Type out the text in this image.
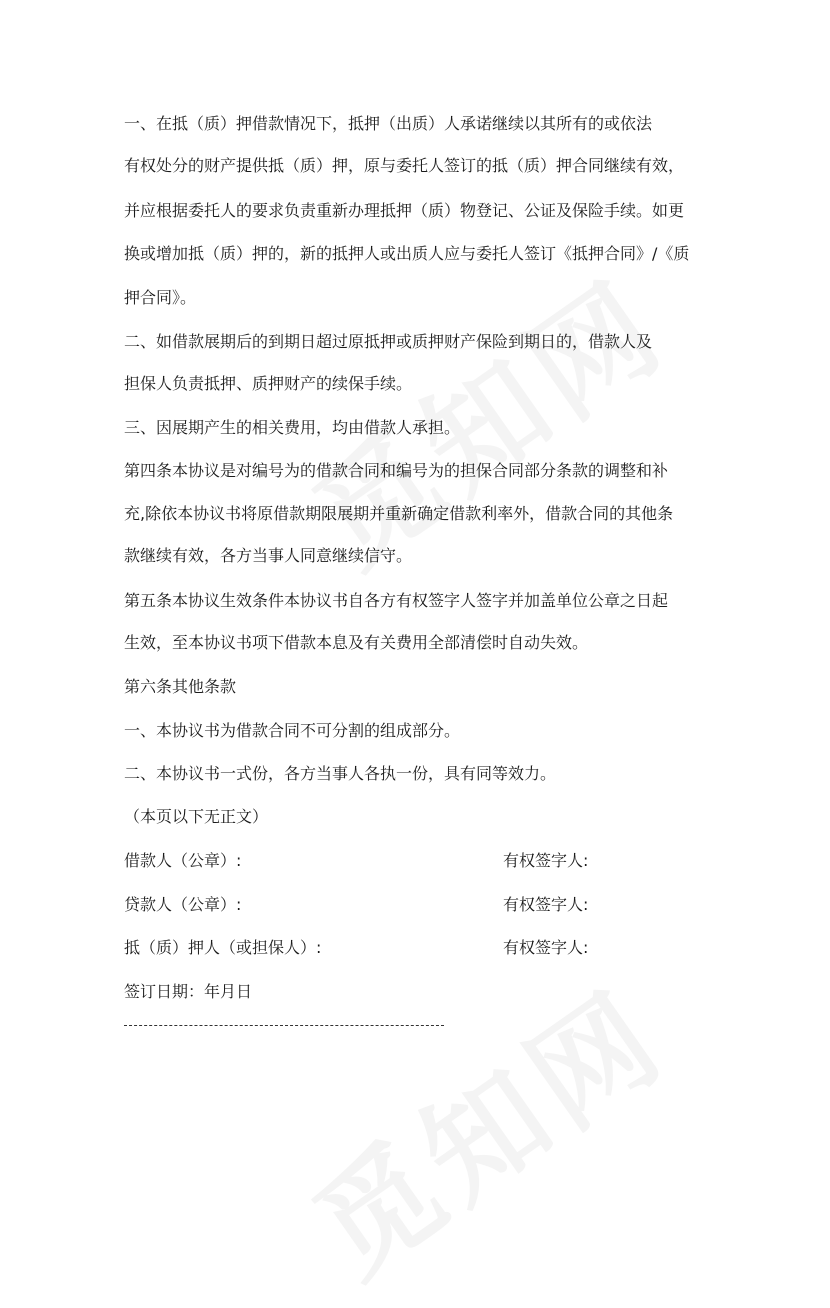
一、在抵（质）押借款情况下，抵押（出质）人承诺继续以其所有的或依法
有权处分的财产提供抵（质）押，原与委托人签订的抵（质）押合同继续有效，
并应根据委托人的要求负责重新办理抵押（质）物登记、公证及保险手续。如更
换或增加抵（质）押的，新的抵押人或出质人应与委托人签订《抵押合同》/《质
押合同》。
二、如借款展期后的到期日超过原抵押或质押财产保险到期日的，借款人及
担保人负责抵押、质押财产的续保手续。
三、因展期产生的相关费用，均由借款人承担。
第四条本协议是对编号为的借款合同和编号为的担保合同部分条款的调整和补
充,除依本协议书将原借款期限展期并重新确定借款利率外，借款合同的其他条
款继续有效，各方当事人同意继续信守。
第五条本协议生效条件本协议书自各方有权签字人签字并加盖单位公章之日起
生效，至本协议书项下借款本息及有关费用全部清偿时自动失效。
第六条其他条款
一、本协议书为借款合同不可分割的组成部分。
二、本协议书一式份，各方当事人各执一份，具有同等效力。
（本页以下无正文）
借款人（公章）:	有权签字人:
贷款人（公章）:	有权签字人:
抵（质）押人（或担保人）:	有权签字人:
签订日期：年月日
